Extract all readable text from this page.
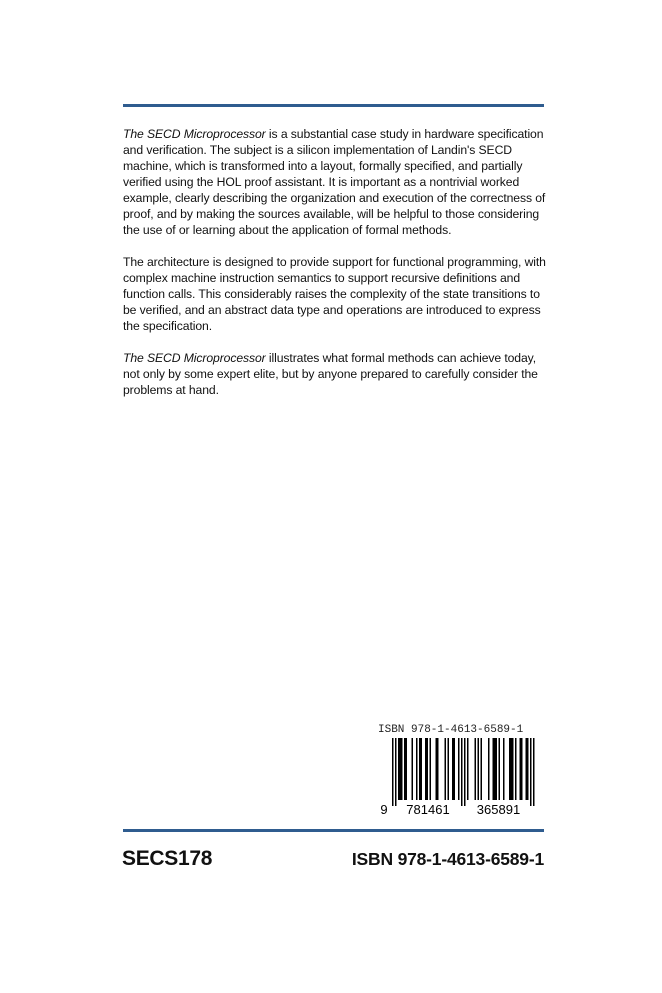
The SECD Microprocessor is a substantial case study in hardware specification and verification. The subject is a silicon implementation of Landin's SECD machine, which is transformed into a layout, formally specified, and partially verified using the HOL proof assistant. It is important as a nontrivial worked example, clearly describing the organization and execution of the correctness of proof, and by making the sources available, will be helpful to those considering the use of or learning about the application of formal methods.

The architecture is designed to provide support for functional programming, with complex machine instruction semantics to support recursive definitions and function calls. This considerably raises the complexity of the state transitions to be verified, and an abstract data type and operations are introduced to express the specification.

The SECD Microprocessor illustrates what formal methods can achieve today, not only by some expert elite, but by anyone prepared to carefully consider the problems at hand.

ISBN 978-1-4613-6589-1
9 781461 365891
SECS178	ISBN 978-1-4613-6589-1
